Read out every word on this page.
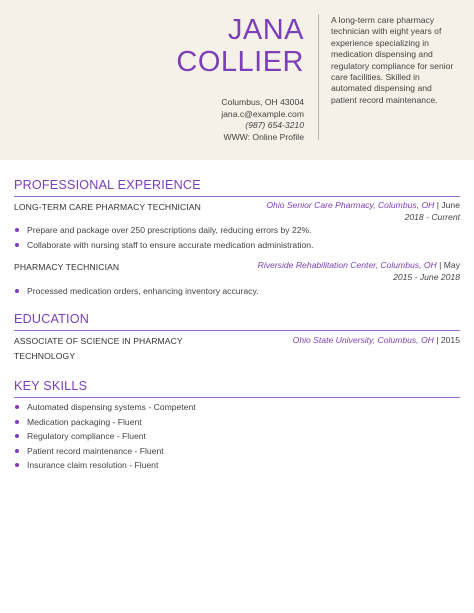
JANA
COLLIER
Columbus, OH 43004
jana.c@example.com
(987) 654-3210
WWW: Online Profile
A long-term care pharmacy technician with eight years of experience specializing in medication dispensing and regulatory compliance for senior care facilities. Skilled in automated dispensing and patient record maintenance.
PROFESSIONAL EXPERIENCE
LONG-TERM CARE PHARMACY TECHNICIAN	Ohio Senior Care Pharmacy, Columbus, OH | June
2018 - Current
Prepare and package over 250 prescriptions daily, reducing errors by 22%.
Collaborate with nursing staff to ensure accurate medication administration.
PHARMACY TECHNICIAN	Riverside Rehabilitation Center, Columbus, OH | May
2015 - June 2018
Processed medication orders, enhancing inventory accuracy.
EDUCATION
ASSOCIATE OF SCIENCE IN PHARMACY
TECHNOLOGY
Ohio State University, Columbus, OH | 2015
KEY SKILLS
Automated dispensing systems - Competent
Medication packaging - Fluent
Regulatory compliance - Fluent
Patient record maintenance - Fluent
Insurance claim resolution - Fluent
